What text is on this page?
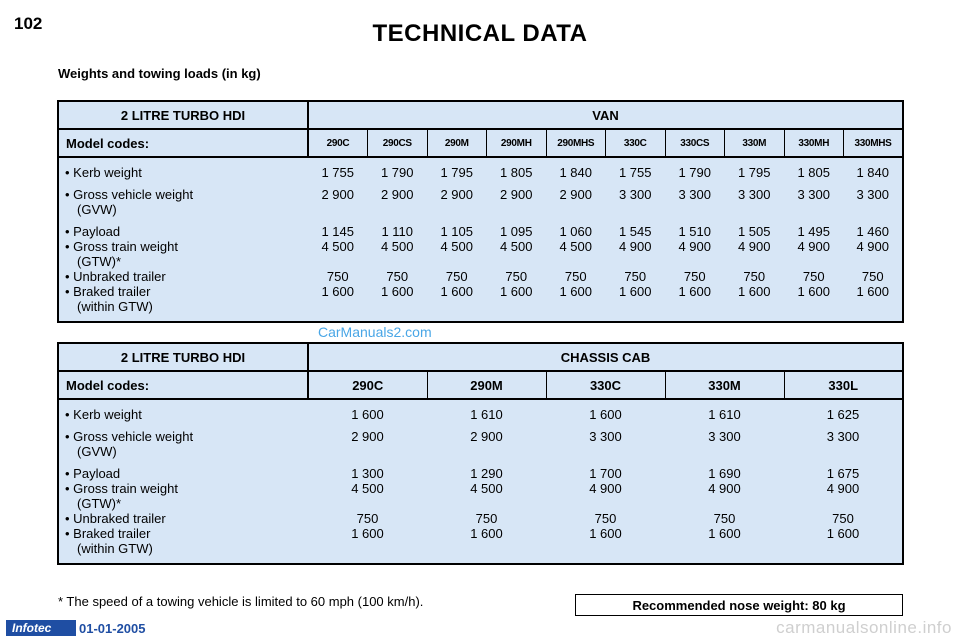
102	TECHNICAL DATA
Weights and towing loads (in kg)
2 LITRE TURBO HDI	VAN									
Model codes:	290C	290CS	290M	290MH	290MHS	330C	330CS	330M	330MH	330MHS

• Kerb weight	1 755	1 790	1 795	1 805	1 840	1 755	1 790	1 795	1 805	1 840

• Gross vehicle weight
(GVW)	2 900	2 900	2 900	2 900	2 900	3 300	3 300	3 300	3 300	3 300

• Payload	1 145	1 110	1 105	1 095	1 060	1 545	1 510	1 505	1 495	1 460

• Gross train weight
(GTW)*	4 500	4 500	4 500	4 500	4 500	4 900	4 900	4 900	4 900	4 900

• Unbraked trailer	750	750	750	750	750	750	750	750	750	750

• Braked trailer
(within GTW)	1 600	1 600	1 600	1 600	1 600	1 600	1 600	1 600	1 600	1 600

CarManuals2.com
2 LITRE TURBO HDI	CHASSIS CAB				
Model codes:	290C	290M	330C	330M	330L

• Kerb weight	1 600	1 610	1 600	1 610	1 625

• Gross vehicle weight
(GVW)	2 900	2 900	3 300	3 300	3 300

• Payload	1 300	1 290	1 700	1 690	1 675

• Gross train weight
(GTW)*	4 500	4 500	4 900	4 900	4 900

• Unbraked trailer	750	750	750	750	750

• Braked trailer
(within GTW)	1 600	1 600	1 600	1 600	1 600

* The speed of a towing vehicle is limited to 60 mph (100 km/h).	Recommended nose weight: 80 kg
Infotec 01-01-2005	carmanualsonline.info
